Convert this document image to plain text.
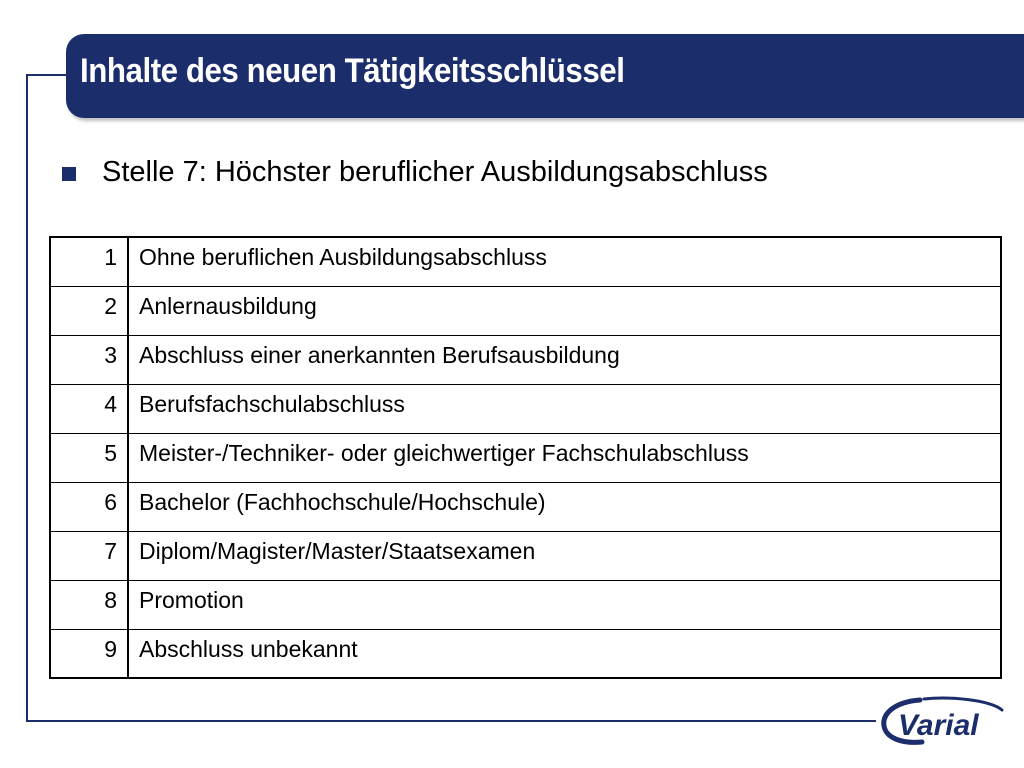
Inhalte des neuen Tätigkeitsschlüssel
Stelle 7: Höchster beruflicher Ausbildungsabschluss
1	Ohne beruflichen Ausbildungsabschluss
2	Anlernausbildung
3	Abschluss einer anerkannten Berufsausbildung
4	Berufsfachschulabschluss
5	Meister-/Techniker- oder gleichwertiger Fachschulabschluss
6	Bachelor (Fachhochschule/Hochschule)
7	Diplom/Magister/Master/Staatsexamen
8	Promotion
9	Abschluss unbekannt
Varial
